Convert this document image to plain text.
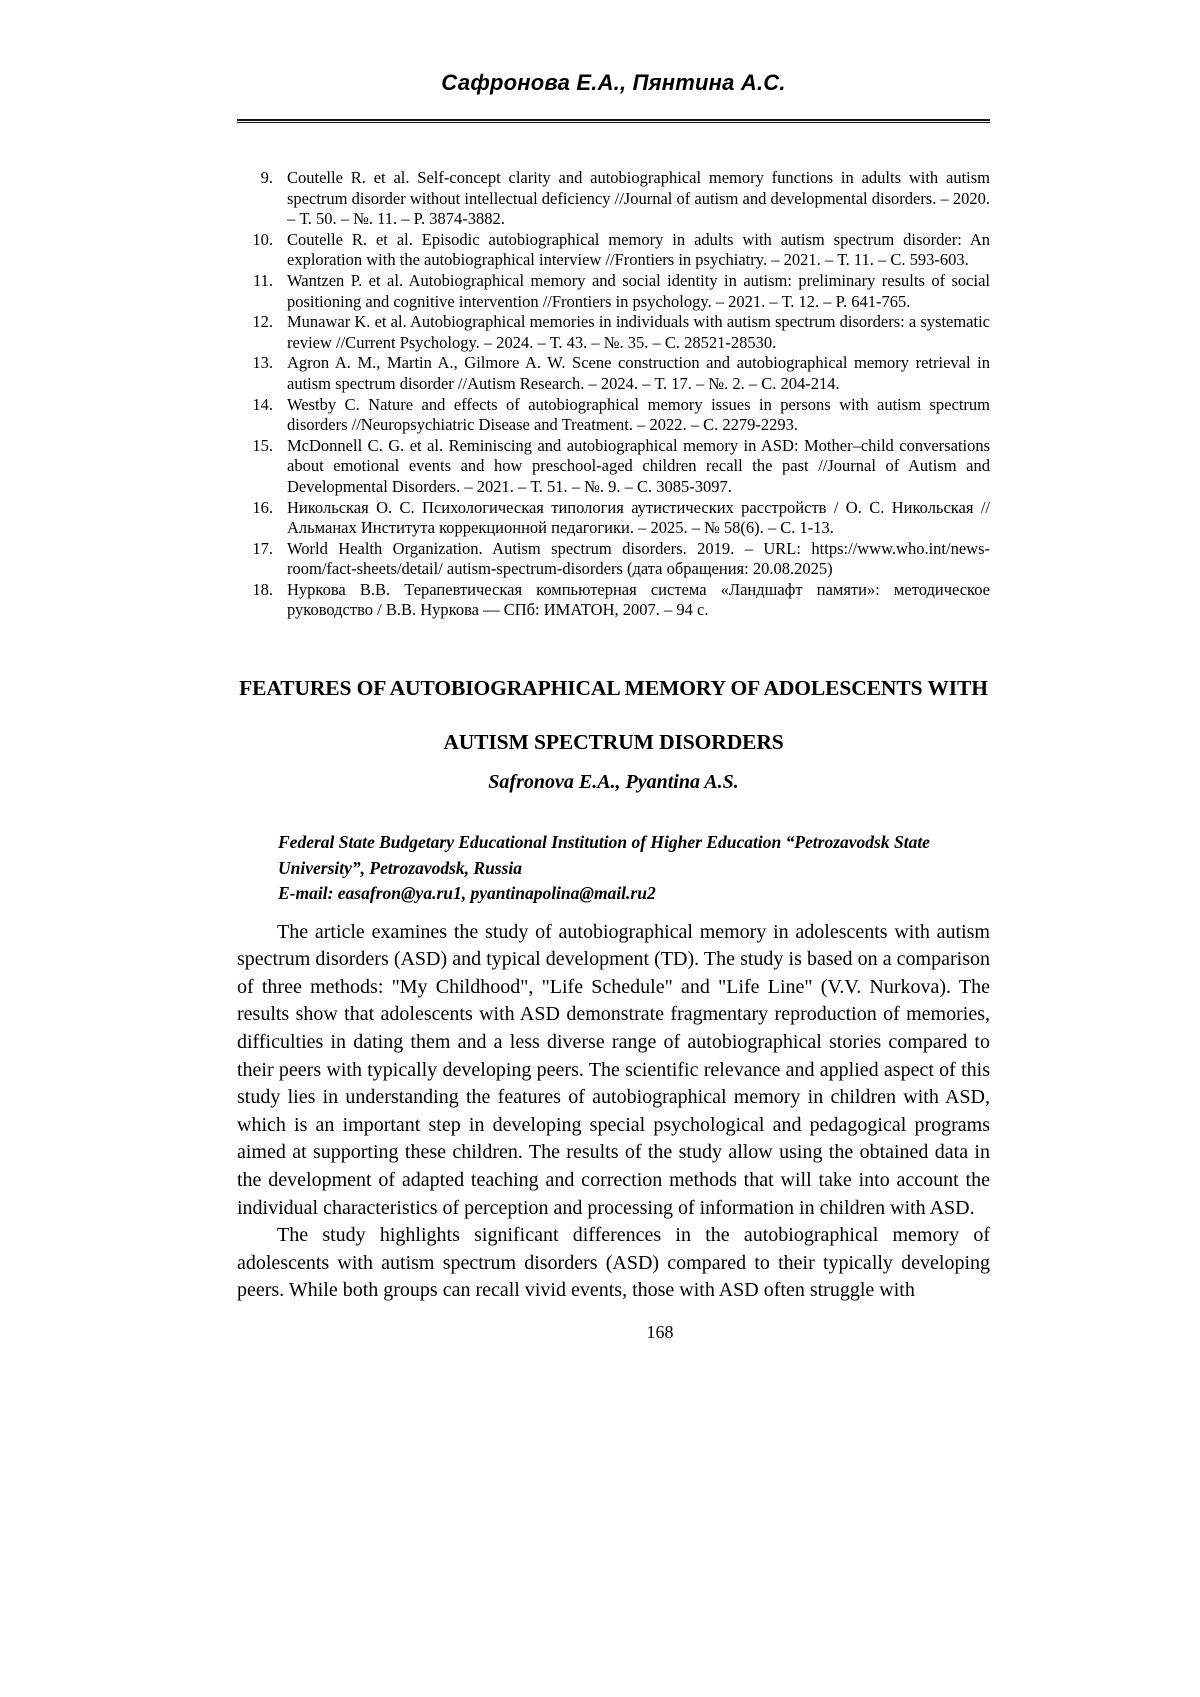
Сафронова Е.А., Пянтина А.С.
9. Coutelle R. et al. Self-concept clarity and autobiographical memory functions in adults with autism spectrum disorder without intellectual deficiency //Journal of autism and developmental disorders. – 2020. – Т. 50. – №. 11. – P. 3874-3882.
10. Coutelle R. et al. Episodic autobiographical memory in adults with autism spectrum disorder: An exploration with the autobiographical interview //Frontiers in psychiatry. – 2021. – Т. 11. – С. 593-603.
11. Wantzen P. et al. Autobiographical memory and social identity in autism: preliminary results of social positioning and cognitive intervention //Frontiers in psychology. – 2021. – Т. 12. – P. 641-765.
12. Munawar K. et al. Autobiographical memories in individuals with autism spectrum disorders: a systematic review //Current Psychology. – 2024. – Т. 43. – №. 35. – С. 28521-28530.
13. Agron A. M., Martin A., Gilmore A. W. Scene construction and autobiographical memory retrieval in autism spectrum disorder //Autism Research. – 2024. – Т. 17. – №. 2. – С. 204-214.
14. Westby C. Nature and effects of autobiographical memory issues in persons with autism spectrum disorders //Neuropsychiatric Disease and Treatment. – 2022. – С. 2279-2293.
15. McDonnell C. G. et al. Reminiscing and autobiographical memory in ASD: Mother–child conversations about emotional events and how preschool-aged children recall the past //Journal of Autism and Developmental Disorders. – 2021. – Т. 51. – №. 9. – С. 3085-3097.
16. Никольская О. С. Психологическая типология аутистических расстройств / О. С. Никольская // Альманах Института коррекционной педагогики. – 2025. – № 58(6). – С. 1-13.
17. World Health Organization. Autism spectrum disorders. 2019. – URL: https://www.who.int/news-room/fact-sheets/detail/ autism-spectrum-disorders (дата обращения: 20.08.2025)
18. Нуркова В.В. Терапевтическая компьютерная система «Ландшафт памяти»: методическое руководство / В.В. Нуркова — СПб: ИМАТОН, 2007. – 94 с.
FEATURES OF AUTOBIOGRAPHICAL MEMORY OF ADOLESCENTS WITH
AUTISM SPECTRUM DISORDERS
Safronova E.A., Pyantina A.S.
Federal State Budgetary Educational Institution of Higher Education “Petrozavodsk State University”, Petrozavodsk, Russia
E-mail: easafron@ya.ru1, pyantinapolina@mail.ru2

The article examines the study of autobiographical memory in adolescents with autism spectrum disorders (ASD) and typical development (TD). The study is based on a comparison of three methods: "My Childhood", "Life Schedule" and "Life Line" (V.V. Nurkova). The results show that adolescents with ASD demonstrate fragmentary reproduction of memories, difficulties in dating them and a less diverse range of autobiographical stories compared to their peers with typically developing peers. The scientific relevance and applied aspect of this study lies in understanding the features of autobiographical memory in children with ASD, which is an important step in developing special psychological and pedagogical programs aimed at supporting these children. The results of the study allow using the obtained data in the development of adapted teaching and correction methods that will take into account the individual characteristics of perception and processing of information in children with ASD.

The study highlights significant differences in the autobiographical memory of adolescents with autism spectrum disorders (ASD) compared to their typically developing peers. While both groups can recall vivid events, those with ASD often struggle with

168
